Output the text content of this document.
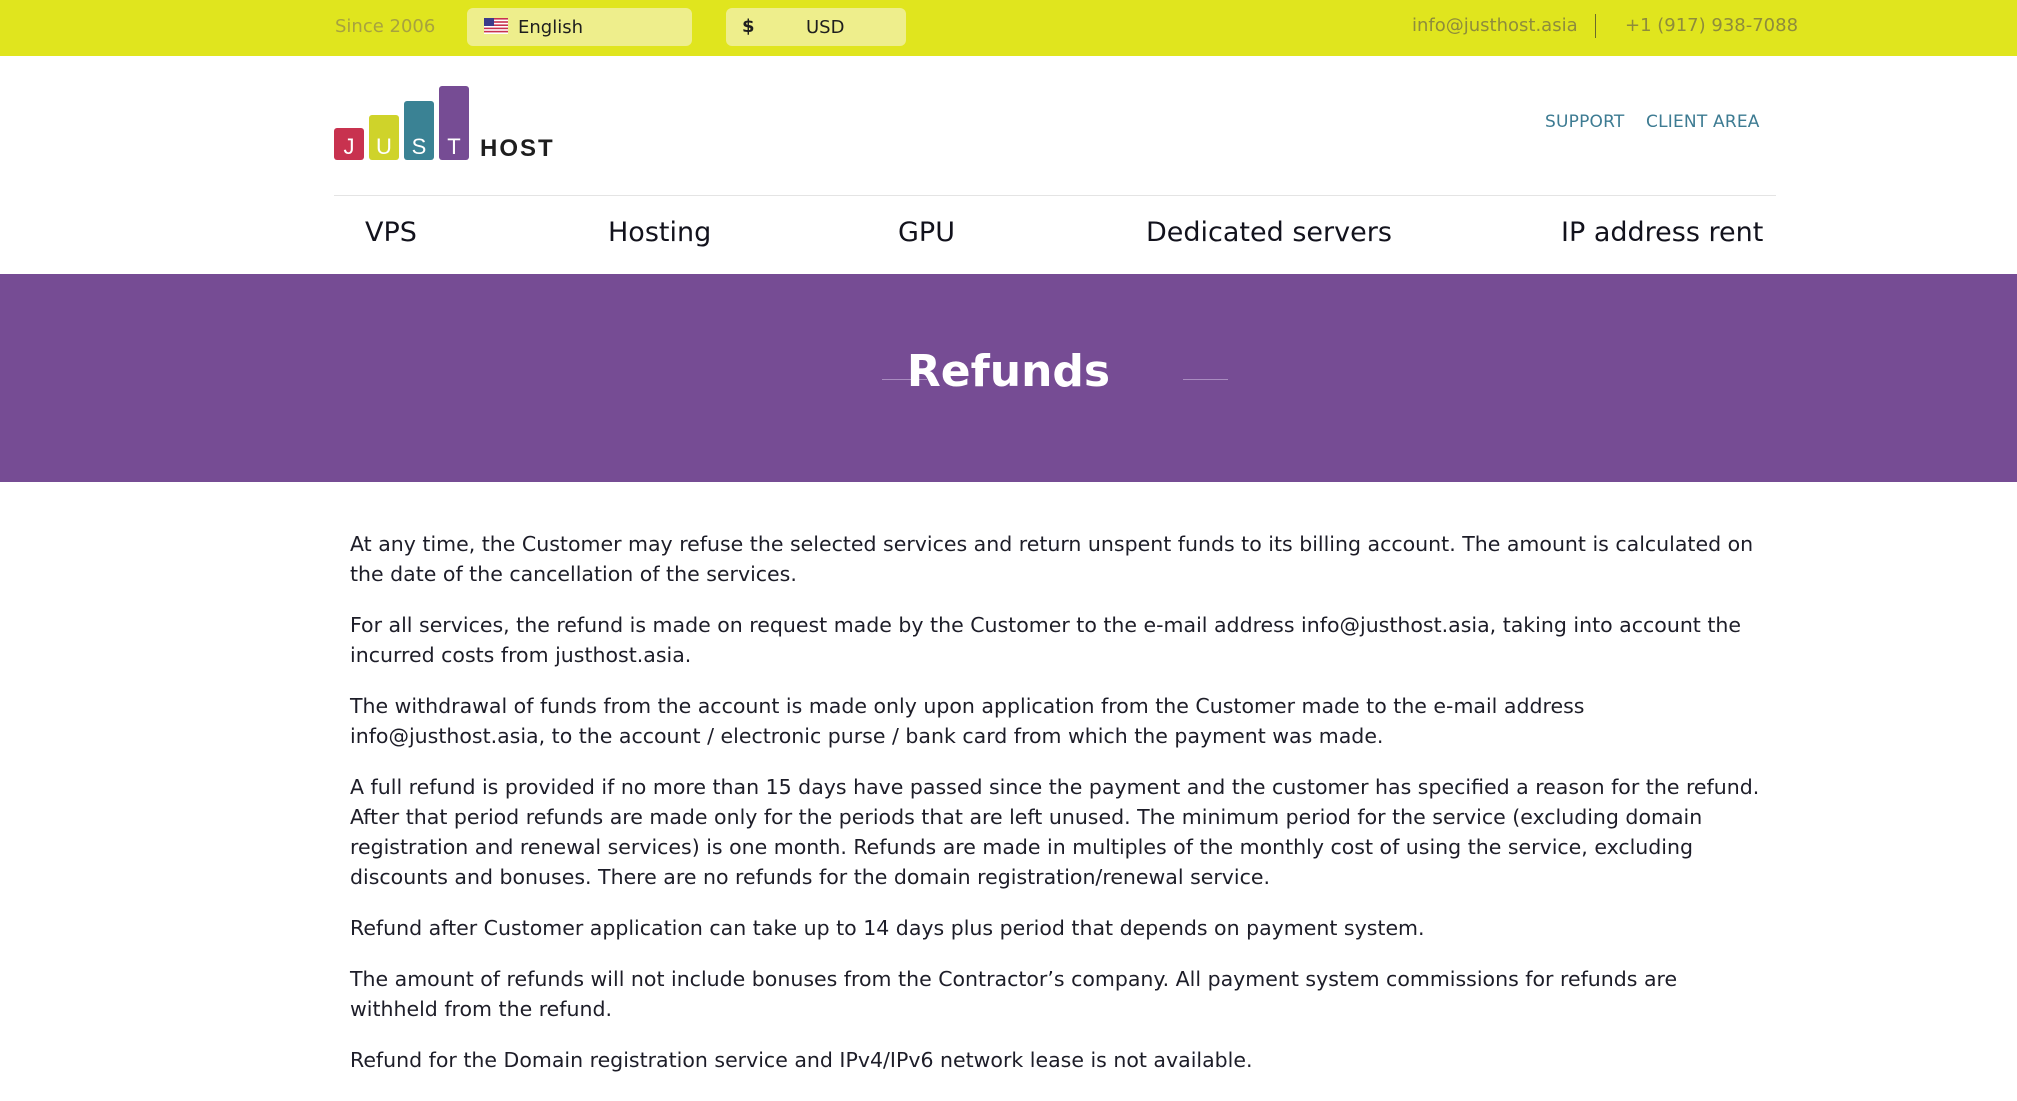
Since 2006	English	$	USD	info@justhost.asia	+1 (917) 938-7088
J U S T HOST
SUPPORT CLIENT AREA
VPS	Hosting	GPU	Dedicated servers	IP address rent
Refunds

At any time, the Customer may refuse the selected services and return unspent funds to its billing account. The amount is calculated on the date of the cancellation of the services.

For all services, the refund is made on request made by the Customer to the e-mail address info@justhost.asia, taking into account the incurred costs from justhost.asia.

The withdrawal of funds from the account is made only upon application from the Customer made to the e-mail address info@justhost.asia, to the account / electronic purse / bank card from which the payment was made.

A full refund is provided if no more than 15 days have passed since the payment and the customer has specified a reason for the refund. After that period refunds are made only for the periods that are left unused. The minimum period for the service (excluding domain registration and renewal services) is one month. Refunds are made in multiples of the monthly cost of using the service, excluding discounts and bonuses. There are no refunds for the domain registration/renewal service.

Refund after Customer application can take up to 14 days plus period that depends on payment system.

The amount of refunds will not include bonuses from the Contractor’s company. All payment system commissions for refunds are withheld from the refund.

Refund for the Domain registration service and IPv4/IPv6 network lease is not available.
